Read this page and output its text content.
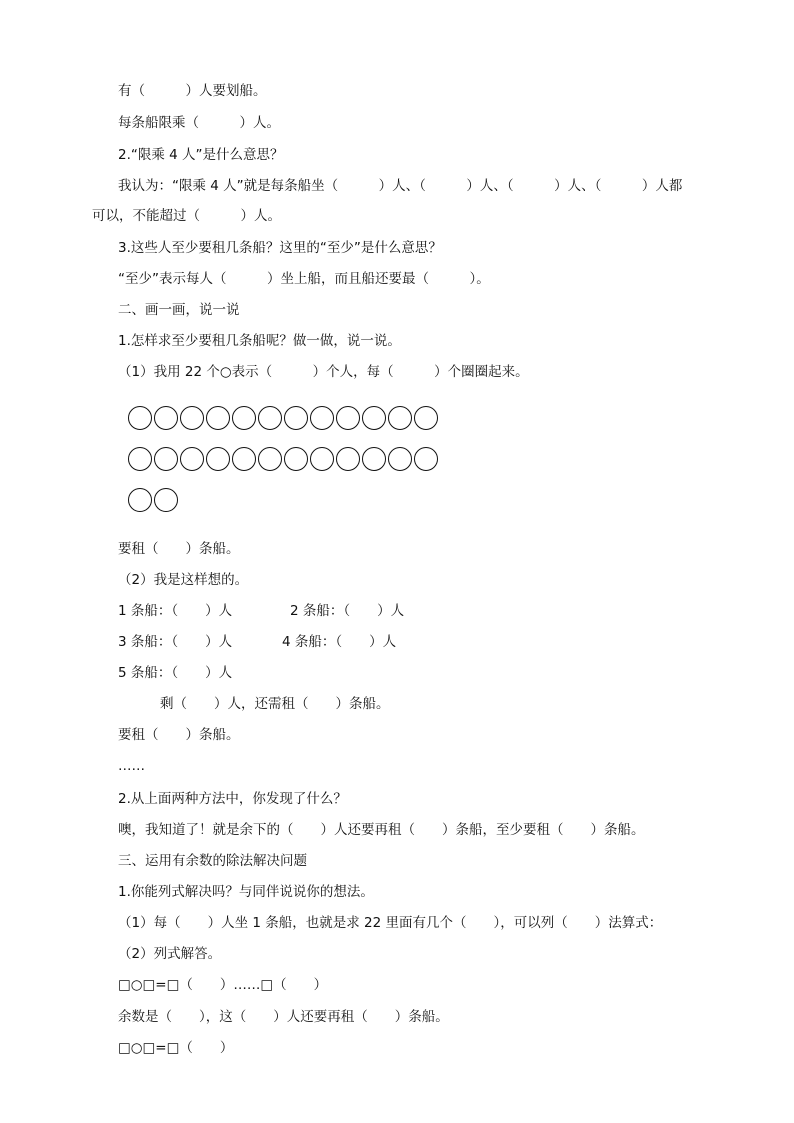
有（　　　）人要划船。
每条船限乘（　　　）人。
2.“限乘 4 人”是什么意思？
我认为：“限乘 4 人”就是每条船坐（　　　）人、（　　　）人、（　　　）人、（　　　）人都
可以，不能超过（　　　）人。
3.这些人至少要租几条船？这里的“至少”是什么意思？
“至少”表示每人（　　　）坐上船，而且船还要最（　　　）。
二、画一画，说一说
1.怎样求至少要租几条船呢？做一做，说一说。
（1）我用 22 个○表示（　　　）个人，每（　　　）个圈圈起来。
要租（　　）条船。
（2）我是这样想的。
1 条船：（　　）人	2 条船：（　　）人
3 条船：（　　）人	4 条船：（　　）人
5 条船：（　　）人
剩（　　）人，还需租（　　）条船。
要租（　　）条船。
……
2.从上面两种方法中，你发现了什么？
噢，我知道了！就是余下的（　　）人还要再租（　　）条船，至少要租（　　）条船。
三、运用有余数的除法解决问题
1.你能列式解决吗？与同伴说说你的想法。
（1）每（　　）人坐 1 条船，也就是求 22 里面有几个（　　），可以列（　　）法算式：
（2）列式解答。
□○□=□（　　）……□（　　）
余数是（　　），这（　　）人还要再租（　　）条船。
□○□=□（　　）
